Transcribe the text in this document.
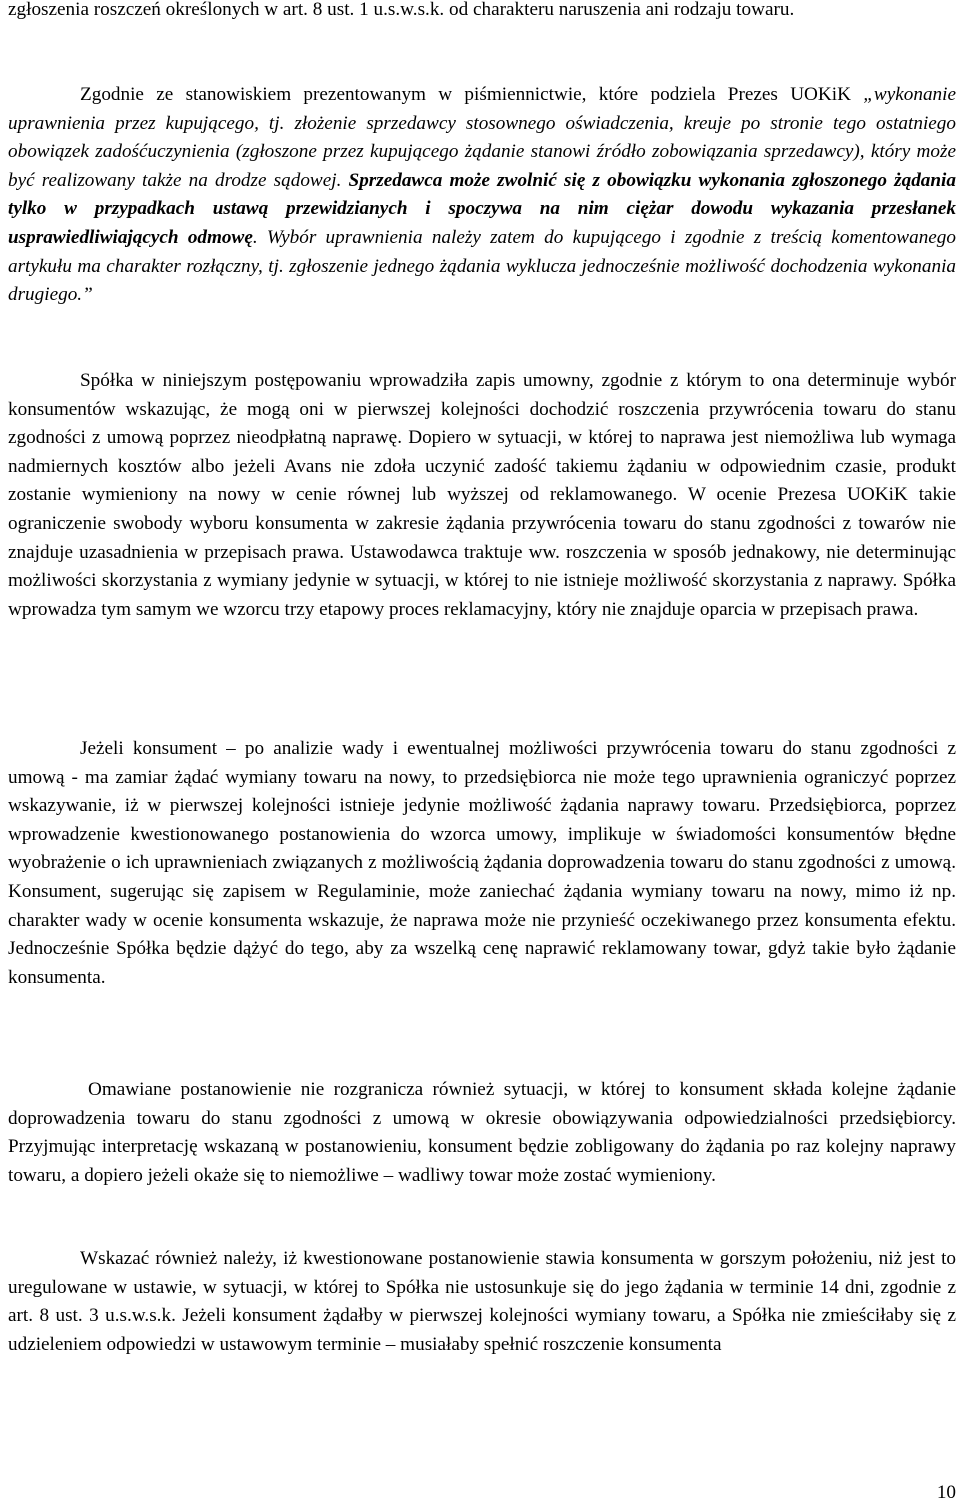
zgłoszenia roszczeń określonych w art. 8 ust. 1 u.s.w.s.k. od charakteru naruszenia ani rodzaju towaru.

Zgodnie ze stanowiskiem prezentowanym w piśmiennictwie, które podziela Prezes UOKiK „wykonanie uprawnienia przez kupującego, tj. złożenie sprzedawcy stosownego oświadczenia, kreuje po stronie tego ostatniego obowiązek zadośćuczynienia (zgłoszone przez kupującego żądanie stanowi źródło zobowiązania sprzedawcy), który może być realizowany także na drodze sądowej. Sprzedawca może zwolnić się z obowiązku wykonania zgłoszonego żądania tylko w przypadkach ustawą przewidzianych i spoczywa na nim ciężar dowodu wykazania przesłanek usprawiedliwiających odmowę. Wybór uprawnienia należy zatem do kupującego i zgodnie z treścią komentowanego artykułu ma charakter rozłączny, tj. zgłoszenie jednego żądania wyklucza jednocześnie możliwość dochodzenia wykonania drugiego.”

Spółka w niniejszym postępowaniu wprowadziła zapis umowny, zgodnie z którym to ona determinuje wybór konsumentów wskazując, że mogą oni w pierwszej kolejności dochodzić roszczenia przywrócenia towaru do stanu zgodności z umową poprzez nieodpłatną naprawę. Dopiero w sytuacji, w której to naprawa jest niemożliwa lub wymaga nadmiernych kosztów albo jeżeli Avans nie zdoła uczynić zadość takiemu żądaniu w odpowiednim czasie, produkt zostanie wymieniony na nowy w cenie równej lub wyższej od reklamowanego. W ocenie Prezesa UOKiK takie ograniczenie swobody wyboru konsumenta w zakresie żądania przywrócenia towaru do stanu zgodności z towarów nie znajduje uzasadnienia w przepisach prawa. Ustawodawca traktuje ww. roszczenia w sposób jednakowy, nie determinując możliwości skorzystania z wymiany jedynie w sytuacji, w której to nie istnieje możliwość skorzystania z naprawy. Spółka wprowadza tym samym we wzorcu trzy etapowy proces reklamacyjny, który nie znajduje oparcia w przepisach prawa.

Jeżeli konsument – po analizie wady i ewentualnej możliwości przywrócenia towaru do stanu zgodności z umową - ma zamiar żądać wymiany towaru na nowy, to przedsiębiorca nie może tego uprawnienia ograniczyć poprzez wskazywanie, iż w pierwszej kolejności istnieje jedynie możliwość żądania naprawy towaru. Przedsiębiorca, poprzez wprowadzenie kwestionowanego postanowienia do wzorca umowy, implikuje w świadomości konsumentów błędne wyobrażenie o ich uprawnieniach związanych z możliwością żądania doprowadzenia towaru do stanu zgodności z umową. Konsument, sugerując się zapisem w Regulaminie, może zaniechać żądania wymiany towaru na nowy, mimo iż np. charakter wady w ocenie konsumenta wskazuje, że naprawa może nie przynieść oczekiwanego przez konsumenta efektu. Jednocześnie Spółka będzie dążyć do tego, aby za wszelką cenę naprawić reklamowany towar, gdyż takie było żądanie konsumenta.

Omawiane postanowienie nie rozgranicza również sytuacji, w której to konsument składa kolejne żądanie doprowadzenia towaru do stanu zgodności z umową w okresie obowiązywania odpowiedzialności przedsiębiorcy. Przyjmując interpretację wskazaną w postanowieniu, konsument będzie zobligowany do żądania po raz kolejny naprawy towaru, a dopiero jeżeli okaże się to niemożliwe – wadliwy towar może zostać wymieniony.

Wskazać również należy, iż kwestionowane postanowienie stawia konsumenta w gorszym położeniu, niż jest to uregulowane w ustawie, w sytuacji, w której to Spółka nie ustosunkuje się do jego żądania w terminie 14 dni, zgodnie z art. 8 ust. 3 u.s.w.s.k. Jeżeli konsument żądałby w pierwszej kolejności wymiany towaru, a Spółka nie zmieściłaby się z udzieleniem odpowiedzi w ustawowym terminie – musiałaby spełnić roszczenie konsumenta

10
